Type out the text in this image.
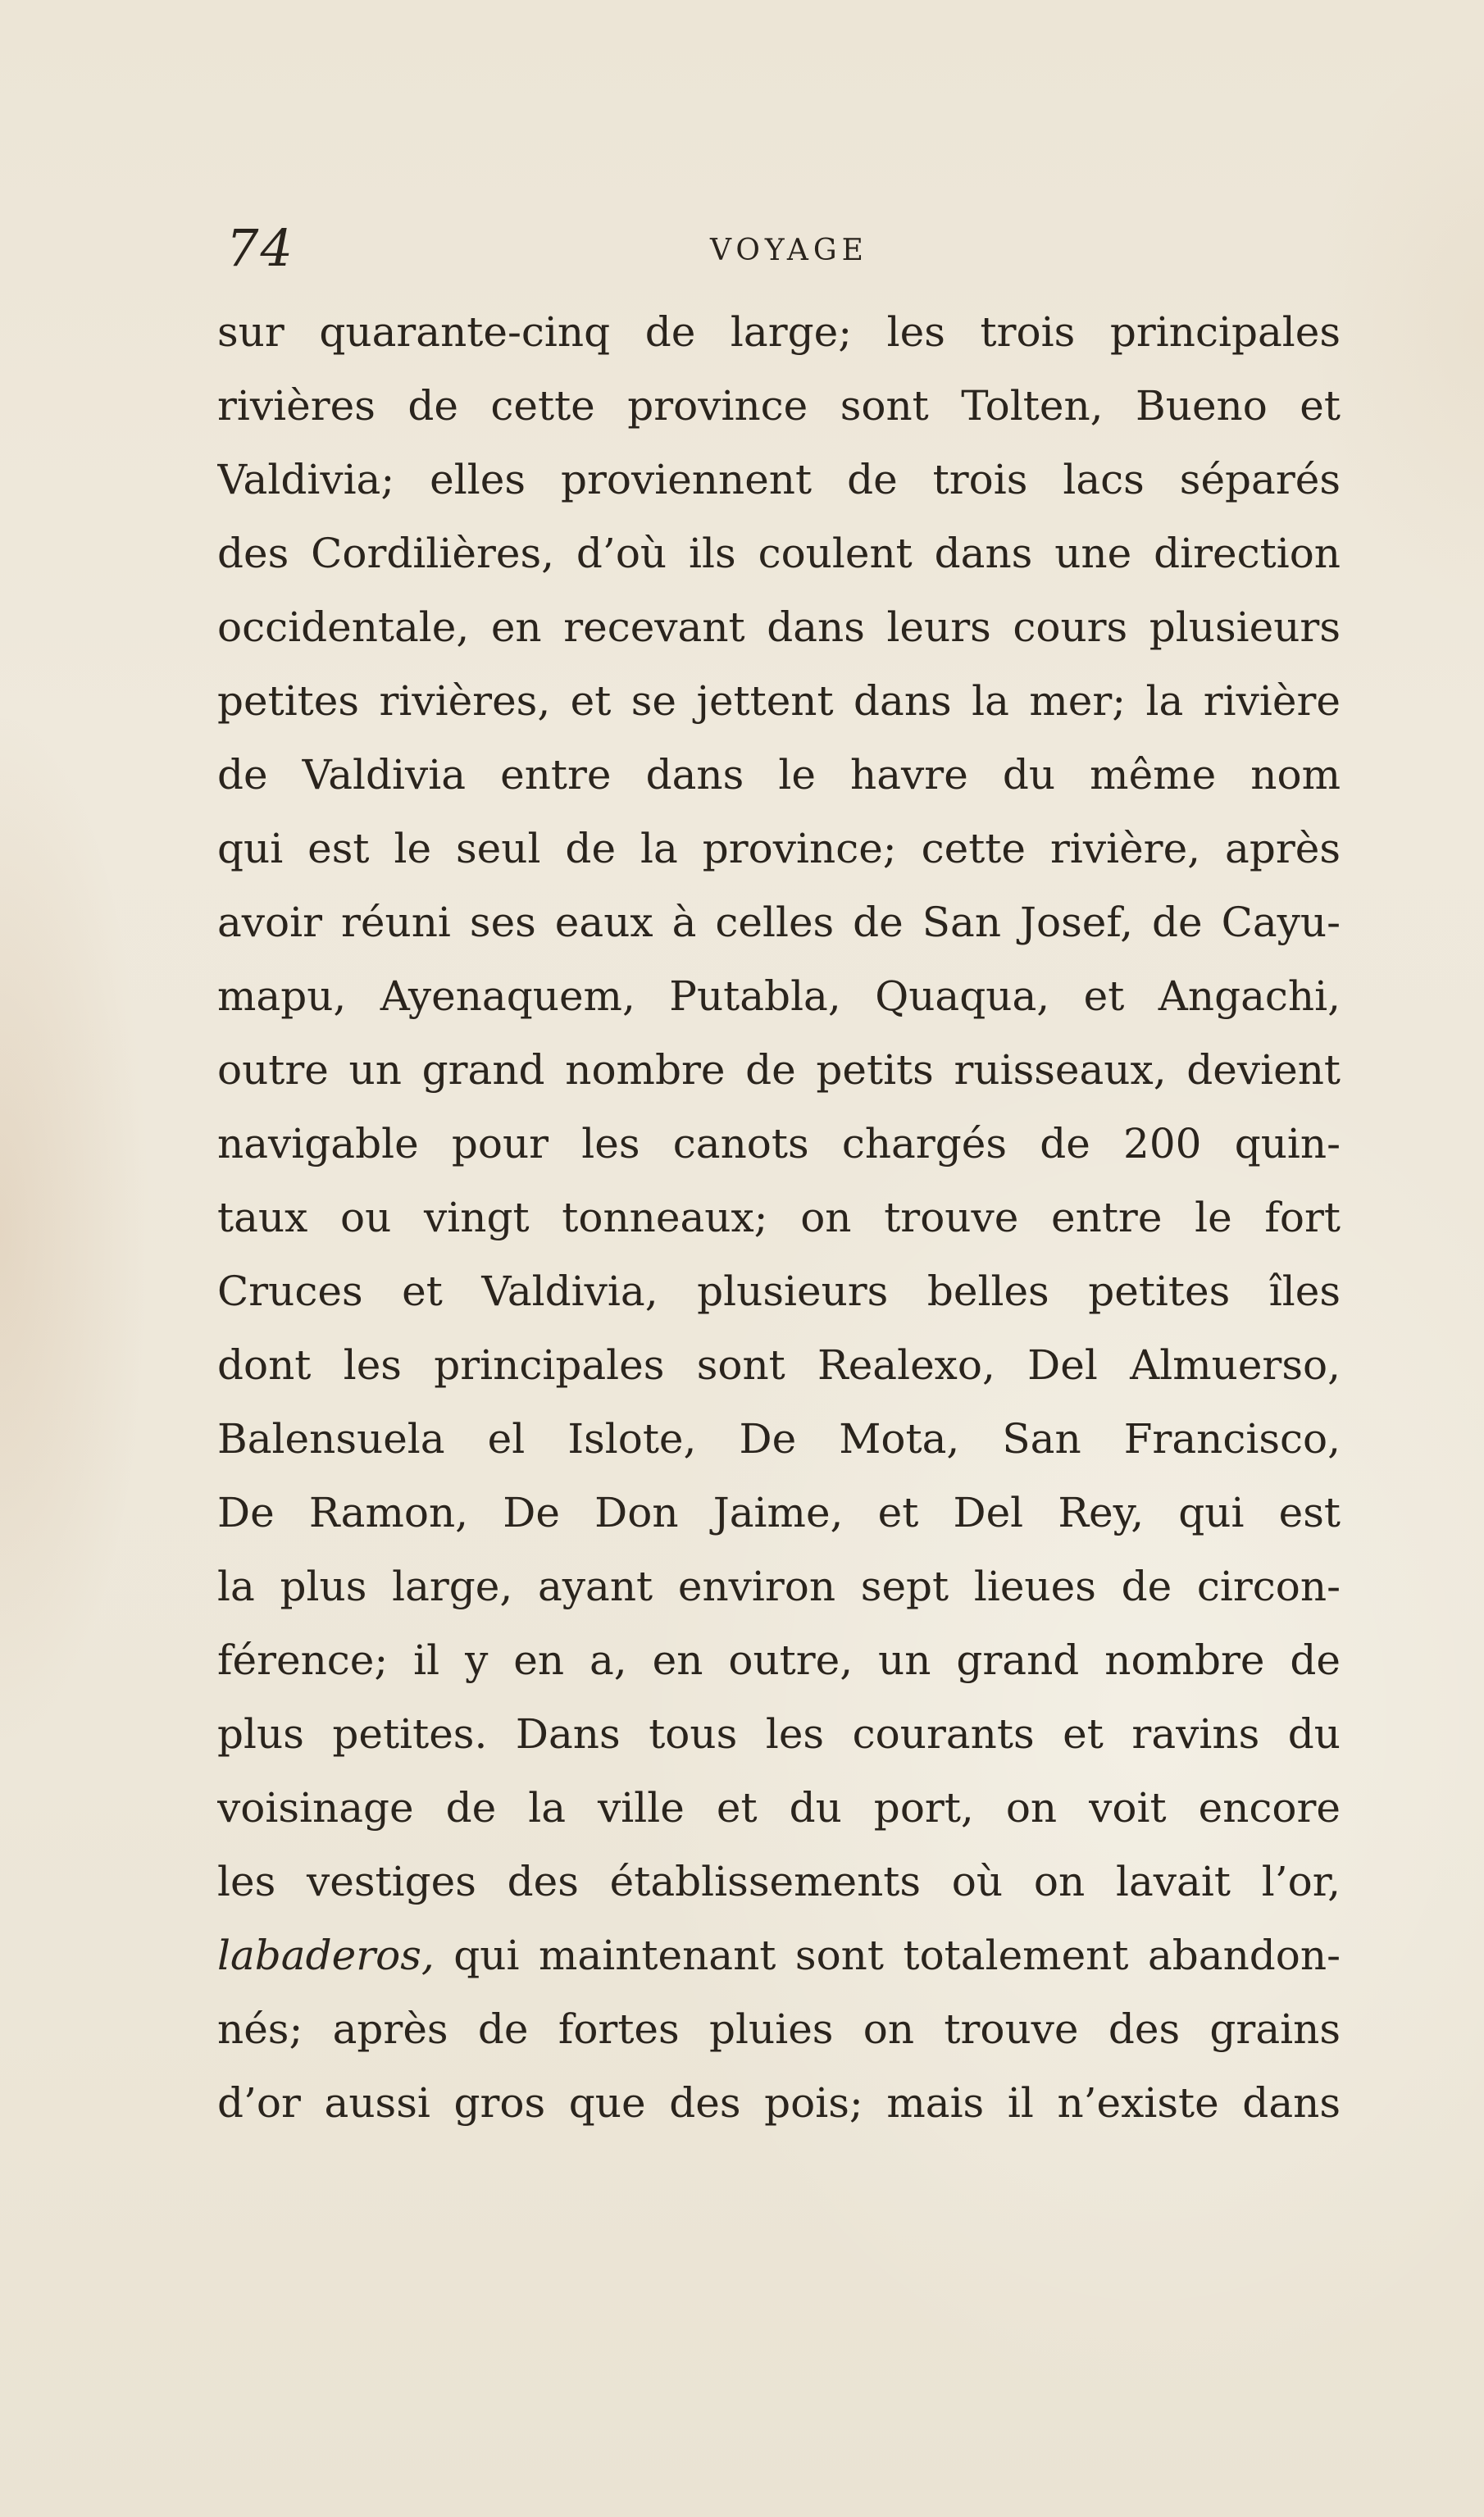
74	VOYAGE
sur quarante-cinq de large; les trois principales
rivières de cette province sont Tolten, Bueno et
Valdivia; elles proviennent de trois lacs séparés
des Cordilières, d’où ils coulent dans une direction
occidentale, en recevant dans leurs cours plusieurs
petites rivières, et se jettent dans la mer; la rivière
de Valdivia entre dans le havre du même nom
qui est le seul de la province; cette rivière, après
avoir réuni ses eaux à celles de San Josef, de Cayu-
mapu, Ayenaquem, Putabla, Quaqua, et Angachi,
outre un grand nombre de petits ruisseaux, devient
navigable pour les canots chargés de 200 quin-
taux ou vingt tonneaux; on trouve entre le fort
Cruces et Valdivia, plusieurs belles petites îles
dont les principales sont Realexo, Del Almuerso,
Balensuela el Islote, De Mota, San Francisco,
De Ramon, De Don Jaime, et Del Rey, qui est
la plus large, ayant environ sept lieues de circon-
férence; il y en a, en outre, un grand nombre de
plus petites. Dans tous les courants et ravins du
voisinage de la ville et du port, on voit encore
les vestiges des établissements où on lavait l’or,
labaderos, qui maintenant sont totalement abandon-
nés; après de fortes pluies on trouve des grains
d’or aussi gros que des pois; mais il n’existe dans
